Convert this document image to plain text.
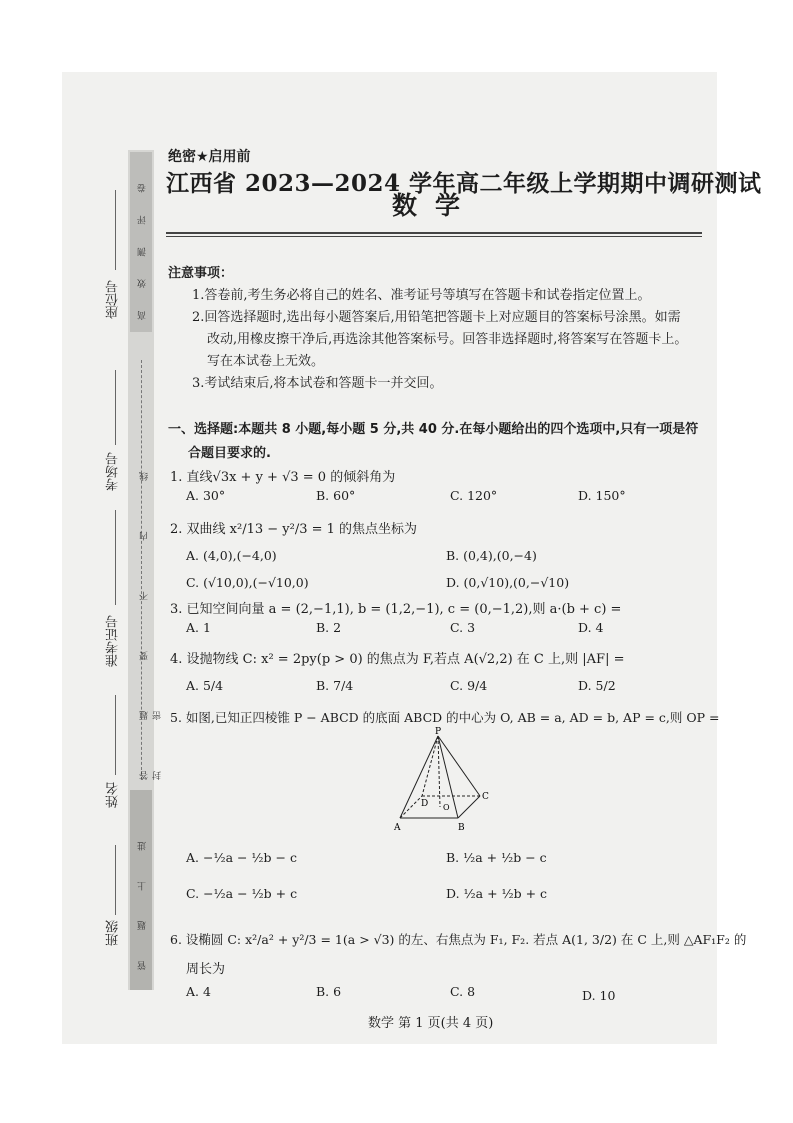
高 效 测 评 卷
答 题 要 不 内 线 封 密
管 题 上 进
座位号
考场号
准考证号
姓名
班级
绝密★启用前
江西省 2023—2024 学年高二年级上学期期中调研测试
数学
注意事项：
1.答卷前,考生务必将自己的姓名、准考证号等填写在答题卡和试卷指定位置上。
2.回答选择题时,选出每小题答案后,用铅笔把答题卡上对应题目的答案标号涂黑。如需
改动,用橡皮擦干净后,再选涂其他答案标号。回答非选择题时,将答案写在答题卡上。
写在本试卷上无效。
3.考试结束后,将本试卷和答题卡一并交回。
一、选择题:本题共 8 小题,每小题 5 分,共 40 分.在每小题给出的四个选项中,只有一项是符
合题目要求的.
1. 直线√3x + y + √3 = 0 的倾斜角为
A. 30°	B. 60°	C. 120°	D. 150°
2. 双曲线 x²/13 − y²/3 = 1 的焦点坐标为
A. (4,0),(−4,0)	B. (0,4),(0,−4)
C. (√10,0),(−√10,0)	D. (0,√10),(0,−√10)
3. 已知空间向量 a = (2,−1,1), b = (1,2,−1), c = (0,−1,2),则 a·(b + c) =
A. 1	B. 2	C. 3	D. 4
4. 设抛物线 C: x² = 2py(p > 0) 的焦点为 F,若点 A(√2,2) 在 C 上,则 |AF| =
A. 5/4	B. 7/4	C. 9/4	D. 5/2
5. 如图,已知正四棱锥 P − ABCD 的底面 ABCD 的中心为 O, AB = a, AD = b, AP = c,则 OP =
P
A	B
C
D O
A. −½a − ½b − c	B. ½a + ½b − c
C. −½a − ½b + c	D. ½a + ½b + c
6. 设椭圆 C: x²/a² + y²/3 = 1(a > √3) 的左、右焦点为 F₁, F₂. 若点 A(1, 3/2) 在 C 上,则 △AF₁F₂ 的
周长为
A. 4	B. 6	C. 8	D. 10
数学 第 1 页(共 4 页)
